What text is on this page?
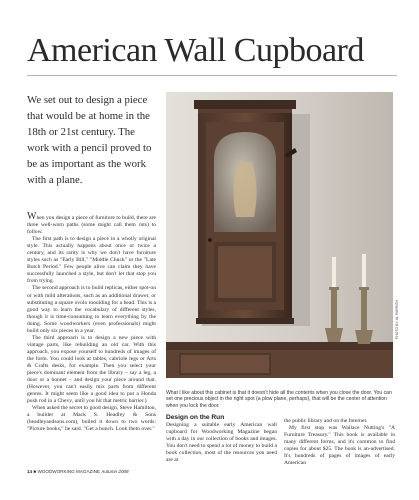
American Wall Cupboard

We set out to design a piece that would be at home in the 18th or 21st century. The work with a pencil proved to be as important as the work with a plane.

When you design a piece of furniture to build, there are three well-worn paths (some might call them ruts) to follow.

The first path is to design a piece in a wholly original style. This actually happens about once or twice a century, and its rarity is why we don't have furniture styles such as "Early Bill," "Middle Chuck" or the "Late Butch Period." Few people alive can claim they have successfully launched a style, but don't let that stop you from trying.

The second approach is to build replicas, either spot-on or with mild alterations, such as an additional drawer, or substituting a square ovolo moulding for a bead. This is a good way to learn the vocabulary of different styles, though it is time-consuming to learn everything by the doing. Some woodworkers (even professionals) might build only six pieces in a year.

The third approach is to design a new piece with vintage parts, like rebuilding an old car. With this approach, you expose yourself to hundreds of images of the form. You could look at tables, cabriole legs or Arts & Crafts desks, for example. Then you select your piece's dominant element from the library – say a leg, a door or a bonnet – and design your piece around that. (However, you can't easily mix parts from different genres. It might seem like a good idea to put a Honda push rod in a Chevy, until you hit that metric barrier.)

When asked the secret to good design, Steve Hamilton, a builder at Mack S. Headley & Sons (headleyandsons.com), boiled it down to two words: "Picture books," he said. "Get a bunch. Look them over."

PHOTO BY AL PARRISH
What I like about this cabinet is that it doesn't hide all the contents when you close the door. You can set one precious object in the right spot (a plow plane, perhaps), that will be the center of attention when you lock the door.

Design on the Run

Designing a suitable early American wall cupboard for Woodworking Magazine began with a day in our collection of books and images. You don't need to spend a lot of money to build a book collection, most of the resources you need are at

the public library and on the Internet.

My first stop was Wallace Nutting's "A Furniture Treasury." This book is available in many different forms, and it's common to find copies for about $25. The book is an-advertised. It's hundreds of pages of images of early American

14 ■ WOODWORKING MAGAZINE Autumn 2008
